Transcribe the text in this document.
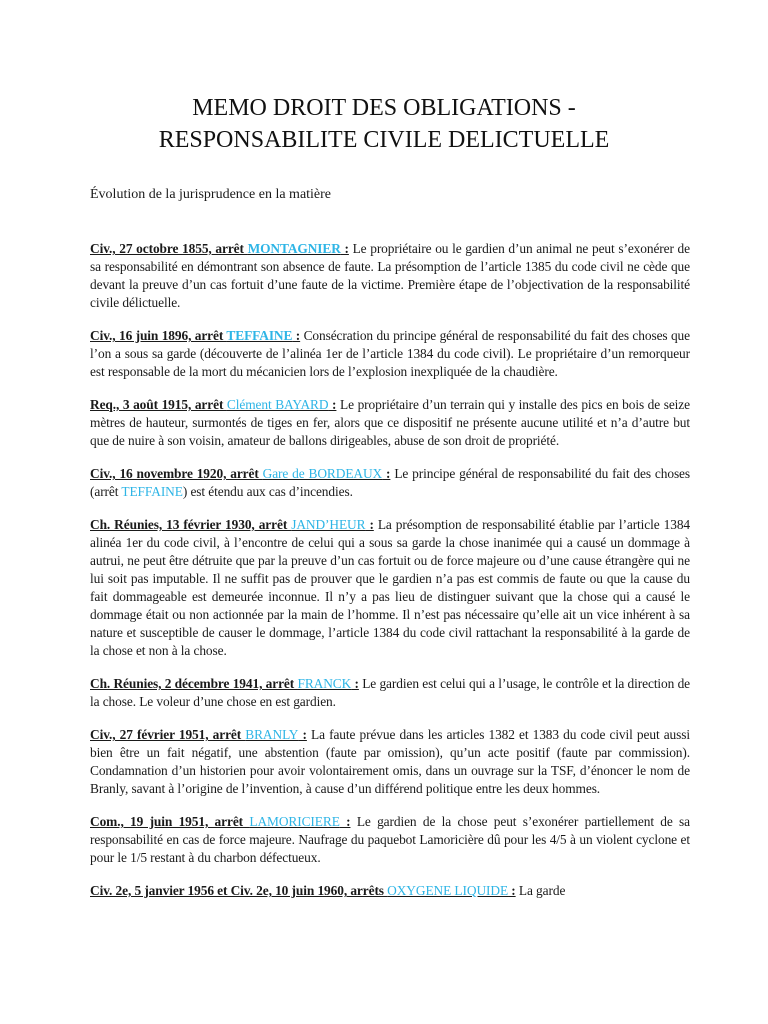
MEMO DROIT DES OBLIGATIONS -
RESPONSABILITE CIVILE DELICTUELLE
Évolution de la jurisprudence en la matière

Civ., 27 octobre 1855, arrêt MONTAGNIER : Le propriétaire ou le gardien d’un animal ne peut s’exonérer de sa responsabilité en démontrant son absence de faute. La présomption de l’article 1385 du code civil ne cède que devant la preuve d’un cas fortuit d’une faute de la victime. Première étape de l’objectivation de la responsabilité civile délictuelle.

Civ., 16 juin 1896, arrêt TEFFAINE : Consécration du principe général de responsabilité du fait des choses que l’on a sous sa garde (découverte de l’alinéa 1er de l’article 1384 du code civil). Le propriétaire d’un remorqueur est responsable de la mort du mécanicien lors de l’explosion inexpliquée de la chaudière.

Req., 3 août 1915, arrêt Clément BAYARD : Le propriétaire d’un terrain qui y installe des pics en bois de seize mètres de hauteur, surmontés de tiges en fer, alors que ce dispositif ne présente aucune utilité et n’a d’autre but que de nuire à son voisin, amateur de ballons dirigeables, abuse de son droit de propriété.

Civ., 16 novembre 1920, arrêt Gare de BORDEAUX : Le principe général de responsabilité du fait des choses (arrêt TEFFAINE) est étendu aux cas d’incendies.

Ch. Réunies, 13 février 1930, arrêt JAND’HEUR : La présomption de responsabilité établie par l’article 1384 alinéa 1er du code civil, à l’encontre de celui qui a sous sa garde la chose inanimée qui a causé un dommage à autrui, ne peut être détruite que par la preuve d’un cas fortuit ou de force majeure ou d’une cause étrangère qui ne lui soit pas imputable. Il ne suffit pas de prouver que le gardien n’a pas est commis de faute ou que la cause du fait dommageable est demeurée inconnue. Il n’y a pas lieu de distinguer suivant que la chose qui a causé le dommage était ou non actionnée par la main de l’homme. Il n’est pas nécessaire qu’elle ait un vice inhérent à sa nature et susceptible de causer le dommage, l’article 1384 du code civil rattachant la responsabilité à la garde de la chose et non à la chose.

Ch. Réunies, 2 décembre 1941, arrêt FRANCK : Le gardien est celui qui a l’usage, le contrôle et la direction de la chose. Le voleur d’une chose en est gardien.

Civ., 27 février 1951, arrêt BRANLY : La faute prévue dans les articles 1382 et 1383 du code civil peut aussi bien être un fait négatif, une abstention (faute par omission), qu’un acte positif (faute par commission). Condamnation d’un historien pour avoir volontairement omis, dans un ouvrage sur la TSF, d’énoncer le nom de Branly, savant à l’origine de l’invention, à cause d’un différend politique entre les deux hommes.

Com., 19 juin 1951, arrêt LAMORICIERE : Le gardien de la chose peut s’exonérer partiellement de sa responsabilité en cas de force majeure. Naufrage du paquebot Lamoricière dû pour les 4/5 à un violent cyclone et pour le 1/5 restant à du charbon défectueux.

Civ. 2e, 5 janvier 1956 et Civ. 2e, 10 juin 1960, arrêts OXYGENE LIQUIDE : La garde
